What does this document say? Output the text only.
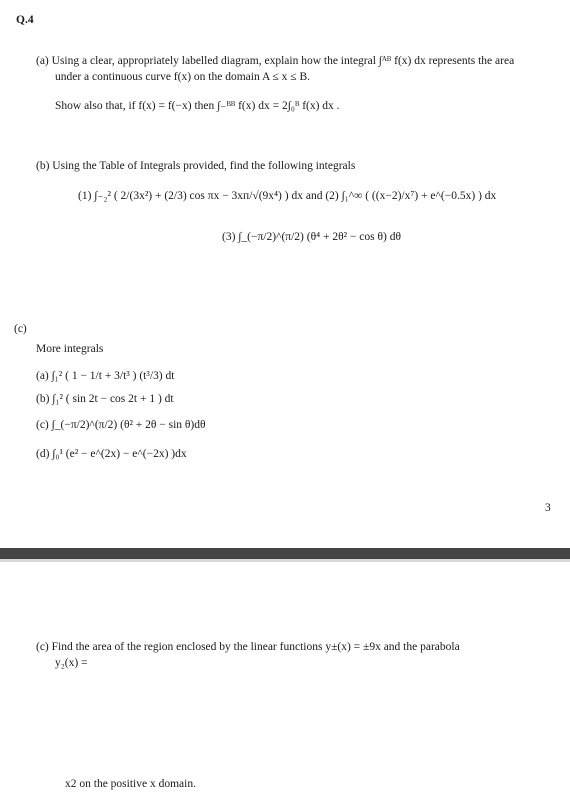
Q.4
(a) Using a clear, appropriately labelled diagram, explain how the integral ∫ᴬᴮ f(x) dx represents the area
under a continuous curve f(x) on the domain A ≤ x ≤ B.
Show also that, if f(x) = f(−x) then ∫₋ᴮᴮ f(x) dx = 2∫₀ᴮ f(x) dx .
(b) Using the Table of Integrals provided, find the following integrals
(1) ∫₋₂² ( 2/(3x²) + (2/3) cos πx − 3xᴨ/√(9x⁴) ) dx and (2) ∫₁^∞ ( ((x−2)/x⁷) + e^(−0.5x) ) dx
(3) ∫_(−π/2)^(π/2) (θ⁴ + 2θ² − cos θ) dθ
(c)
More integrals
(a) ∫₁² ( 1 − 1/t + 3/t³ ) (t³/3) dt
(b) ∫₁² ( sin 2t − cos 2t + 1 ) dt
(c) ∫_(−π/2)^(π/2) (θ² + 2θ − sin θ)dθ
(d) ∫₀¹ (e² − e^(2x) − e^(−2x) )dx
3
(c) Find the area of the region enclosed by the linear functions y±(x) = ±9x and the parabola
y₂(x) =
x2 on the positive x domain.
